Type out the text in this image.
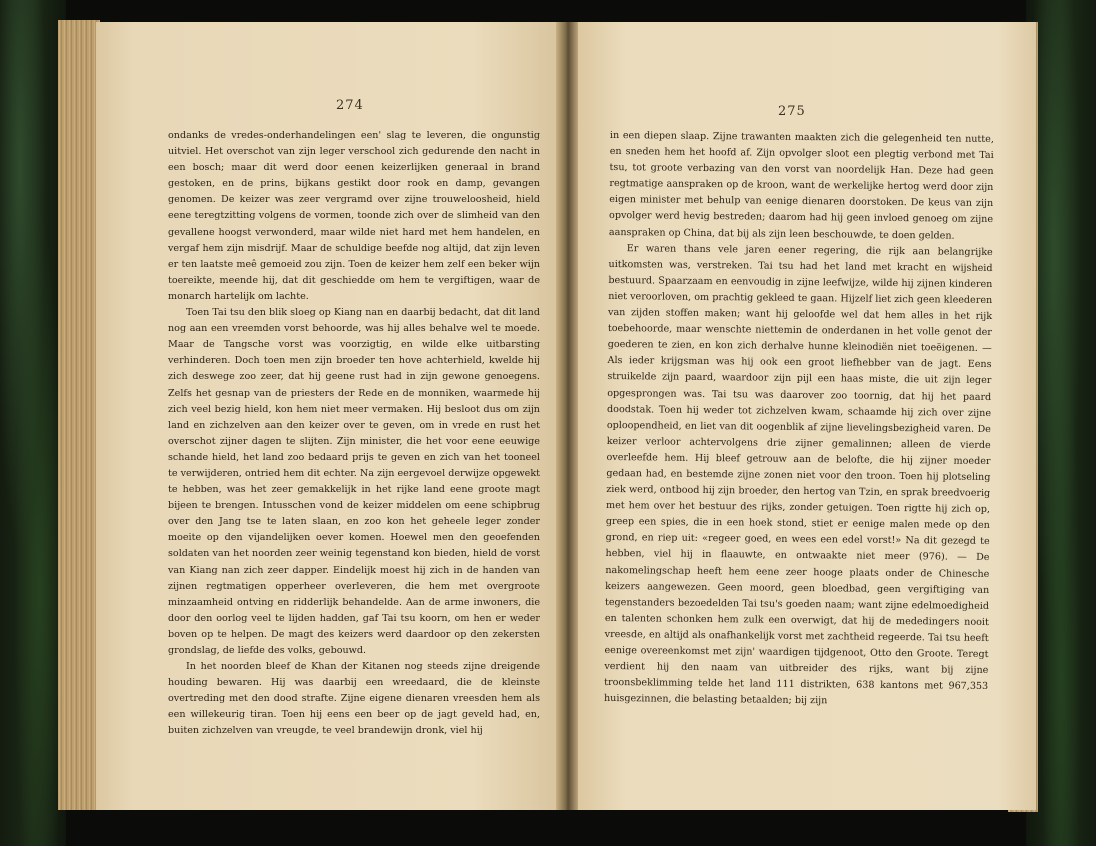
274

ondanks de vredes-onderhandelingen een' slag te leveren, die ongunstig uitviel. Het overschot van zijn leger verschool zich gedurende den nacht in een bosch; maar dit werd door eenen keizerlijken generaal in brand gestoken, en de prins, bijkans gestikt door rook en damp, gevangen genomen. De keizer was zeer vergramd over zijne trouweloosheid, hield eene teregtzitting volgens de vormen, toonde zich over de slimheid van den gevallene hoogst verwonderd, maar wilde niet hard met hem handelen, en vergaf hem zijn misdrijf. Maar de schuldige beefde nog altijd, dat zijn leven er ten laatste meê gemoeid zou zijn. Toen de keizer hem zelf een beker wijn toereikte, meende hij, dat dit geschiedde om hem te vergiftigen, waar de monarch hartelijk om lachte.

Toen Tai tsu den blik sloeg op Kiang nan en daarbij bedacht, dat dit land nog aan een vreemden vorst behoorde, was hij alles behalve wel te moede. Maar de Tangsche vorst was voorzigtig, en wilde elke uitbarsting verhinderen. Doch toen men zijn broeder ten hove achterhield, kwelde hij zich deswege zoo zeer, dat hij geene rust had in zijn gewone genoegens. Zelfs het gesnap van de priesters der Rede en de monniken, waarmede hij zich veel bezig hield, kon hem niet meer vermaken. Hij besloot dus om zijn land en zichzelven aan den keizer over te geven, om in vrede en rust het overschot zijner dagen te slijten. Zijn minister, die het voor eene eeuwige schande hield, het land zoo bedaard prijs te geven en zich van het tooneel te verwijderen, ontried hem dit echter. Na zijn eergevoel derwijze opgewekt te hebben, was het zeer gemakkelijk in het rijke land eene groote magt bijeen te brengen. Intusschen vond de keizer middelen om eene schipbrug over den Jang tse te laten slaan, en zoo kon het geheele leger zonder moeite op den vijandelijken oever komen. Hoewel men den geoefenden soldaten van het noorden zeer weinig tegenstand kon bieden, hield de vorst van Kiang nan zich zeer dapper. Eindelijk moest hij zich in de handen van zijnen regtmatigen opperheer overleveren, die hem met overgroote minzaamheid ontving en ridderlijk behandelde. Aan de arme inwoners, die door den oorlog veel te lijden hadden, gaf Tai tsu koorn, om hen er weder boven op te helpen. De magt des keizers werd daardoor op den zekersten grondslag, de liefde des volks, gebouwd.

In het noorden bleef de Khan der Kitanen nog steeds zijne dreigende houding bewaren. Hij was daarbij een wreedaard, die de kleinste overtreding met den dood strafte. Zijne eigene dienaren vreesden hem als een willekeurig tiran. Toen hij eens een beer op de jagt geveld had, en, buiten zichzelven van vreugde, te veel brandewijn dronk, viel hij

275

in een diepen slaap. Zijne trawanten maakten zich die gelegenheid ten nutte, en sneden hem het hoofd af. Zijn opvolger sloot een plegtig verbond met Tai tsu, tot groote verbazing van den vorst van noordelijk Han. Deze had geen regtmatige aanspraken op de kroon, want de werkelijke hertog werd door zijn eigen minister met behulp van eenige dienaren doorstoken. De keus van zijn opvolger werd hevig bestreden; daarom had hij geen invloed genoeg om zijne aanspraken op China, dat bij als zijn leen beschouwde, te doen gelden.

Er waren thans vele jaren eener regering, die rijk aan belangrijke uitkomsten was, verstreken. Tai tsu had het land met kracht en wijsheid bestuurd. Spaarzaam en eenvoudig in zijne leefwijze, wilde hij zijnen kinderen niet veroorloven, om prachtig gekleed te gaan. Hijzelf liet zich geen kleederen van zijden stoffen maken; want hij geloofde wel dat hem alles in het rijk toebehoorde, maar wenschte niettemin de onderdanen in het volle genot der goederen te zien, en kon zich derhalve hunne kleinodiën niet toeëigenen. — Als ieder krijgsman was hij ook een groot liefhebber van de jagt. Eens struikelde zijn paard, waardoor zijn pijl een haas miste, die uit zijn leger opgesprongen was. Tai tsu was daarover zoo toornig, dat hij het paard doodstak. Toen hij weder tot zichzelven kwam, schaamde hij zich over zijne oploopendheid, en liet van dit oogenblik af zijne lievelingsbezigheid varen. De keizer verloor achtervolgens drie zijner gemalinnen; alleen de vierde overleefde hem. Hij bleef getrouw aan de belofte, die hij zijner moeder gedaan had, en bestemde zijne zonen niet voor den troon. Toen hij plotseling ziek werd, ontbood hij zijn broeder, den hertog van Tzin, en sprak breedvoerig met hem over het bestuur des rijks, zonder getuigen. Toen rigtte hij zich op, greep een spies, die in een hoek stond, stiet er eenige malen mede op den grond, en riep uit: «regeer goed, en wees een edel vorst!» Na dit gezegd te hebben, viel hij in flaauwte, en ontwaakte niet meer (976). — De nakomelingschap heeft hem eene zeer hooge plaats onder de Chinesche keizers aangewezen. Geen moord, geen bloedbad, geen vergiftiging van tegenstanders bezoedelden Tai tsu's goeden naam; want zijne edelmoedigheid en talenten schonken hem zulk een overwigt, dat hij de mededingers nooit vreesde, en altijd als onafhankelijk vorst met zachtheid regeerde. Tai tsu heeft eenige overeenkomst met zijn' waardigen tijdgenoot, Otto den Groote. Teregt verdient hij den naam van uitbreider des rijks, want bij zijne troonsbeklimming telde het land 111 distrikten, 638 kantons met 967,353 huisgezinnen, die belasting betaalden; bij zijn
